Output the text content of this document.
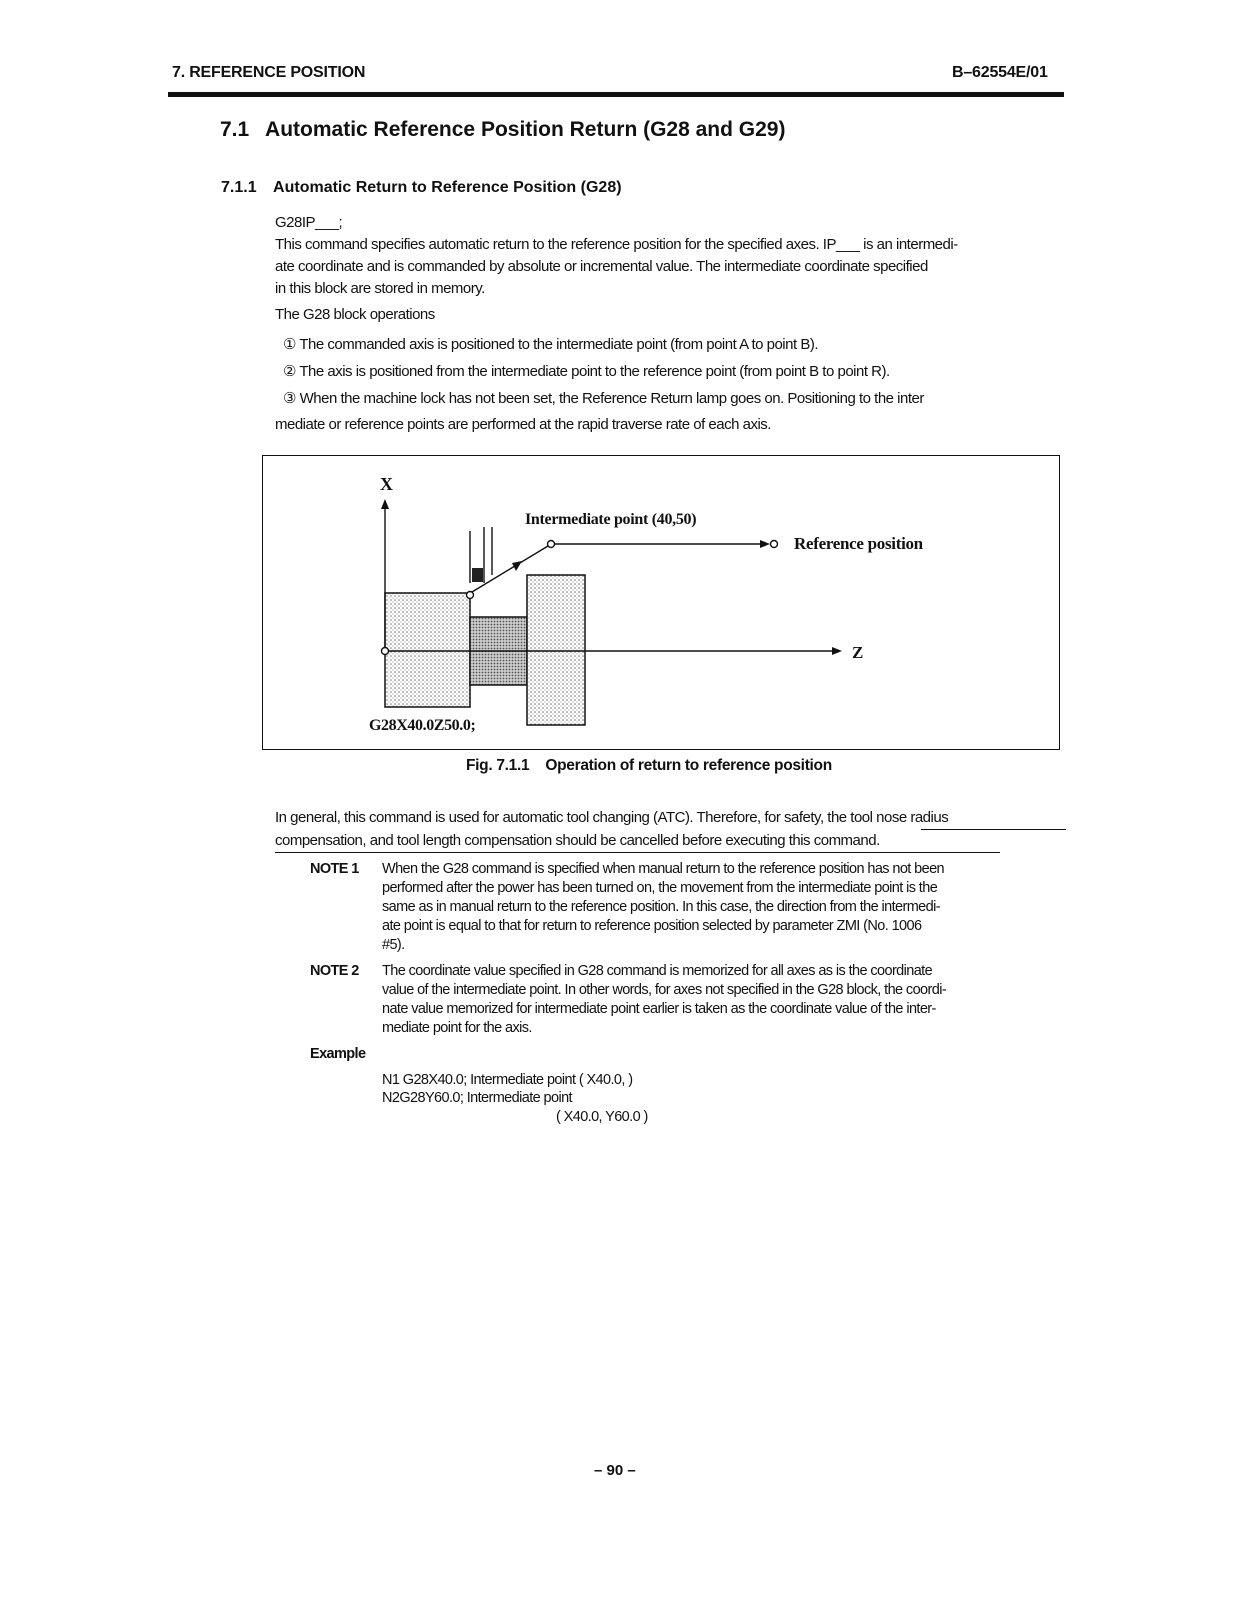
7. REFERENCE POSITION	B–62554E/01
7.1 Automatic Reference Position Return (G28 and G29)
7.1.1 Automatic Return to Reference Position (G28)
G28IP___;
This command specifies automatic return to the reference position for the specified axes. IP___ is an intermedi-
ate coordinate and is commanded by absolute or incremental value. The intermediate coordinate specified
in this block are stored in memory.
The G28 block operations
① The commanded axis is positioned to the intermediate point (from point A to point B).
② The axis is positioned from the intermediate point to the reference point (from point B to point R).
③ When the machine lock has not been set, the Reference Return lamp goes on. Positioning to the inter
mediate or reference points are performed at the rapid traverse rate of each axis.
X
Z
Intermediate point (40,50)
Reference position
G28X40.0Z50.0;
Fig. 7.1.1 Operation of return to reference position
In general, this command is used for automatic tool changing (ATC). Therefore, for safety, the tool nose radius
compensation, and tool length compensation should be cancelled before executing this command.
NOTE 1 When the G28 command is specified when manual return to the reference position has not been
performed after the power has been turned on, the movement from the intermediate point is the
same as in manual return to the reference position. In this case, the direction from the intermedi-
ate point is equal to that for return to reference position selected by parameter ZMI (No. 1006
#5).
NOTE 2 The coordinate value specified in G28 command is memorized for all axes as is the coordinate
value of the intermediate point. In other words, for axes not specified in the G28 block, the coordi-
nate value memorized for intermediate point earlier is taken as the coordinate value of the inter-
mediate point for the axis.
Example
N1 G28X40.0; Intermediate point ( X40.0, )
N2G28Y60.0; Intermediate point
( X40.0, Y60.0 )
– 90 –
